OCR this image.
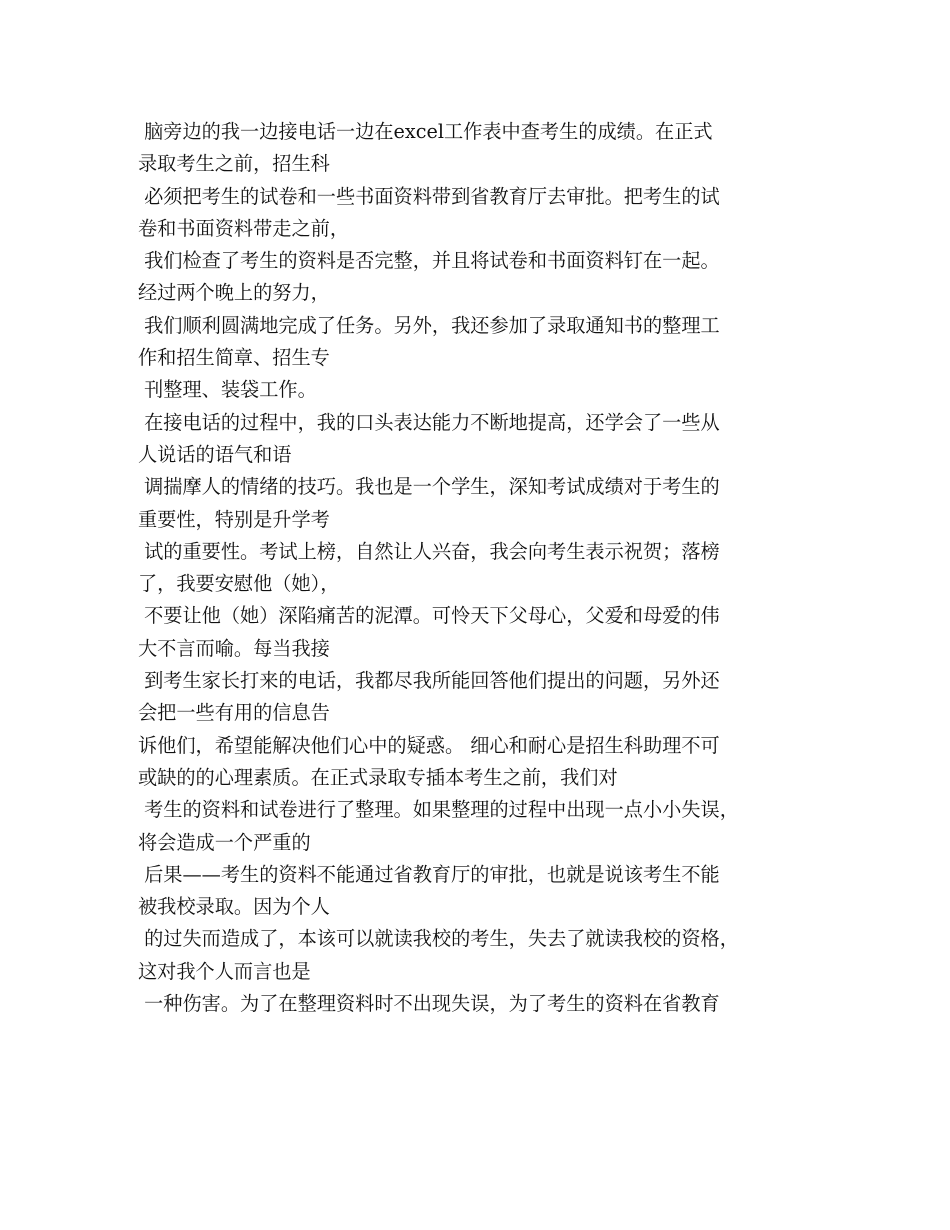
脑旁边的我一边接电话一边在excel工作表中查考生的成绩。在正式
录取考生之前，招生科
必须把考生的试卷和一些书面资料带到省教育厅去审批。把考生的试
卷和书面资料带走之前，
我们检查了考生的资料是否完整，并且将试卷和书面资料钉在一起。
经过两个晚上的努力，
我们顺利圆满地完成了任务。另外，我还参加了录取通知书的整理工
作和招生简章、招生专
刊整理、装袋工作。
在接电话的过程中，我的口头表达能力不断地提高，还学会了一些从
人说话的语气和语
调揣摩人的情绪的技巧。我也是一个学生，深知考试成绩对于考生的
重要性，特别是升学考
试的重要性。考试上榜，自然让人兴奋，我会向考生表示祝贺；落榜
了，我要安慰他（她），
不要让他（她）深陷痛苦的泥潭。可怜天下父母心，父爱和母爱的伟
大不言而喻。每当我接
到考生家长打来的电话，我都尽我所能回答他们提出的问题，另外还
会把一些有用的信息告
诉他们，希望能解决他们心中的疑惑。 细心和耐心是招生科助理不可
或缺的的心理素质。在正式录取专插本考生之前，我们对
考生的资料和试卷进行了整理。如果整理的过程中出现一点小小失误，
将会造成一个严重的
后果——考生的资料不能通过省教育厅的审批，也就是说该考生不能
被我校录取。因为个人
的过失而造成了，本该可以就读我校的考生，失去了就读我校的资格，
这对我个人而言也是
一种伤害。为了在整理资料时不出现失误，为了考生的资料在省教育
